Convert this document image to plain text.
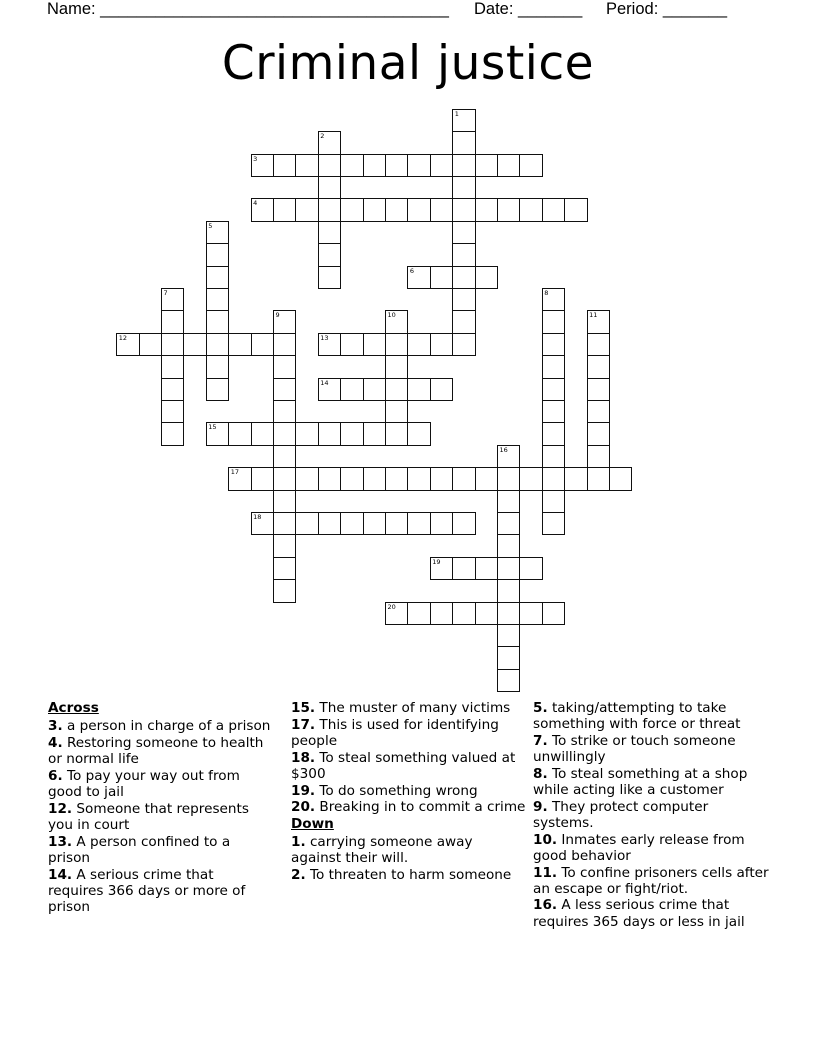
Name: ______________________________________ Date: _______ Period: _______
Criminal justice
1
2
3
4
5
6
7	8
9	10	11
12	13
14
15
16
17
18
19
20
Across
3. a person in charge of a prison
4. Restoring someone to health or normal life
6. To pay your way out from good to jail
12. Someone that represents you in court
13. A person confined to a prison
14. A serious crime that requires 366 days or more of prison
15. The muster of many victims
17. This is used for identifying people
18. To steal something valued at $300
19. To do something wrong
20. Breaking in to commit a crime
Down
1. carrying someone away against their will.
2. To threaten to harm someone
5. taking/attempting to take something with force or threat
7. To strike or touch someone unwillingly
8. To steal something at a shop while acting like a customer
9. They protect computer systems.
10. Inmates early release from good behavior
11. To confine prisoners cells after an escape or fight/riot.
16. A less serious crime that requires 365 days or less in jail
